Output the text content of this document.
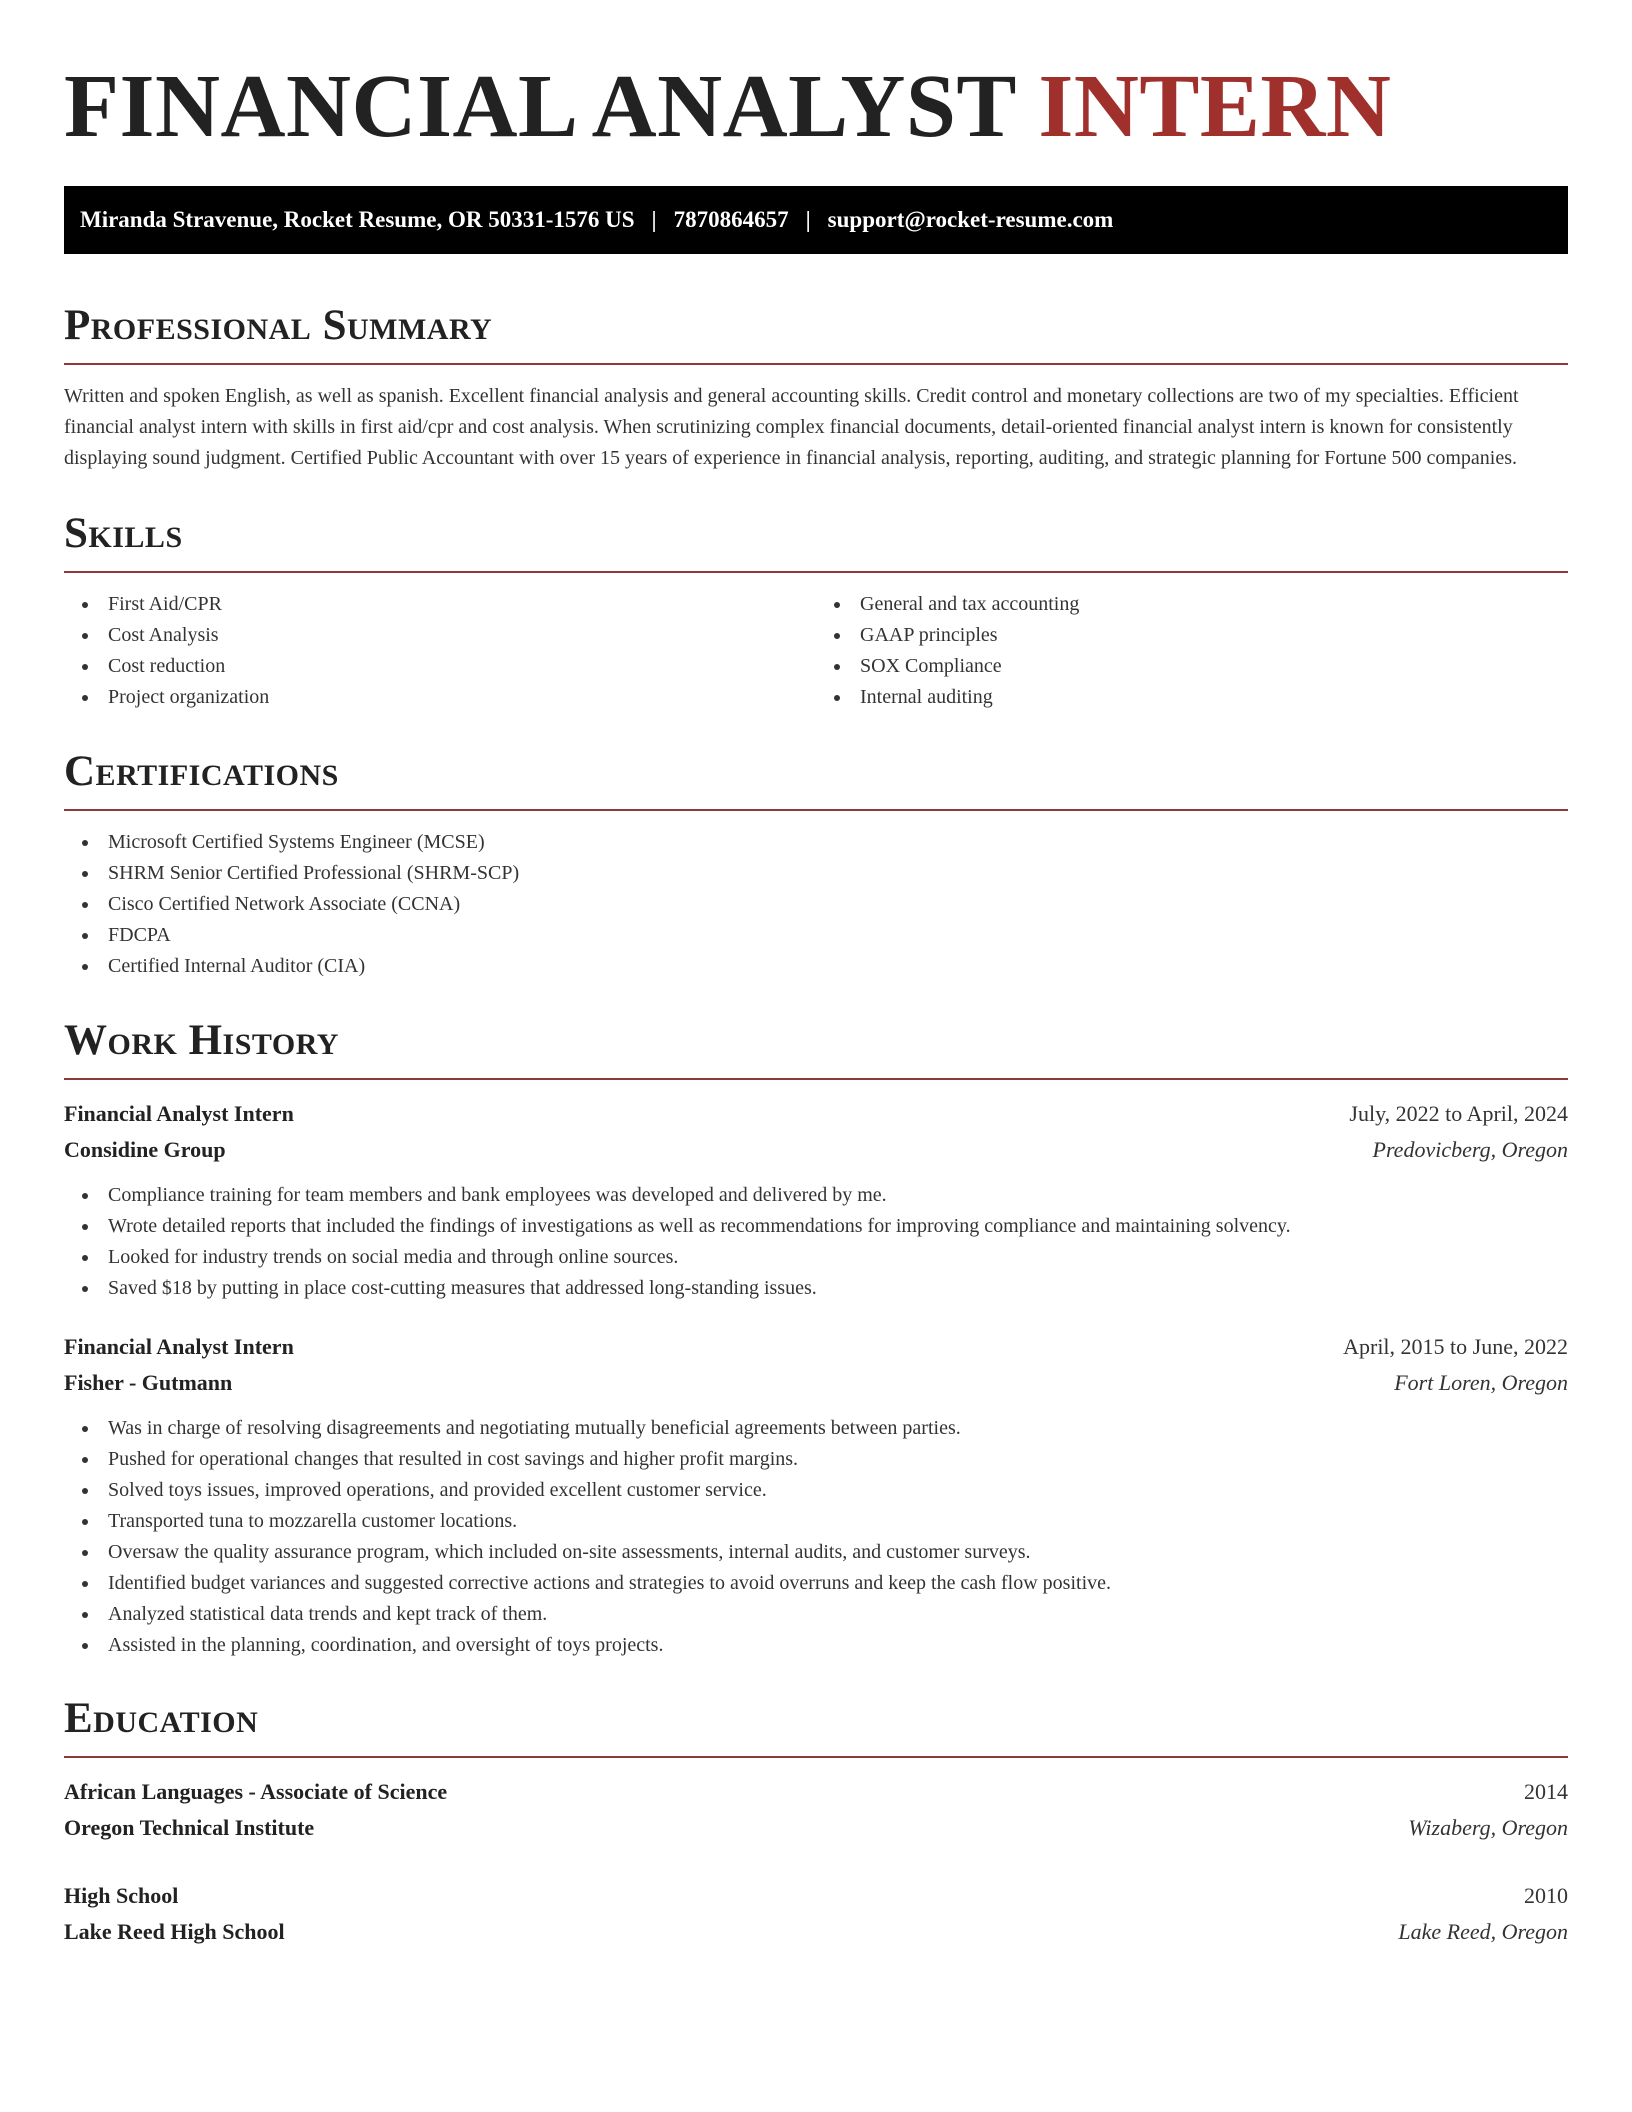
FINANCIAL ANALYST INTERN
Miranda Stravenue, Rocket Resume, OR 50331-1576 US | 7870864657 | support@rocket-resume.com
Professional Summary

Written and spoken English, as well as spanish. Excellent financial analysis and general accounting skills. Credit control and monetary collections are two of my specialties. Efficient financial analyst intern with skills in first aid/cpr and cost analysis. When scrutinizing complex financial documents, detail-oriented financial analyst intern is known for consistently displaying sound judgment. Certified Public Accountant with over 15 years of experience in financial analysis, reporting, auditing, and strategic planning for Fortune 500 companies.

Skills
First Aid/CPR
Cost Analysis
Cost reduction
Project organization
General and tax accounting
GAAP principles
SOX Compliance
Internal auditing
Certifications
Microsoft Certified Systems Engineer (MCSE)
SHRM Senior Certified Professional (SHRM-SCP)
Cisco Certified Network Associate (CCNA)
FDCPA
Certified Internal Auditor (CIA)
Work History
Financial Analyst Intern	July, 2022 to April, 2024
Considine Group	Predovicberg, Oregon
Compliance training for team members and bank employees was developed and delivered by me.
Wrote detailed reports that included the findings of investigations as well as recommendations for improving compliance and maintaining solvency.
Looked for industry trends on social media and through online sources.
Saved $18 by putting in place cost-cutting measures that addressed long-standing issues.
Financial Analyst Intern	April, 2015 to June, 2022
Fisher - Gutmann	Fort Loren, Oregon
Was in charge of resolving disagreements and negotiating mutually beneficial agreements between parties.
Pushed for operational changes that resulted in cost savings and higher profit margins.
Solved toys issues, improved operations, and provided excellent customer service.
Transported tuna to mozzarella customer locations.
Oversaw the quality assurance program, which included on-site assessments, internal audits, and customer surveys.
Identified budget variances and suggested corrective actions and strategies to avoid overruns and keep the cash flow positive.
Analyzed statistical data trends and kept track of them.
Assisted in the planning, coordination, and oversight of toys projects.
Education
African Languages - Associate of Science	2014
Oregon Technical Institute	Wizaberg, Oregon
High School	2010
Lake Reed High School	Lake Reed, Oregon
